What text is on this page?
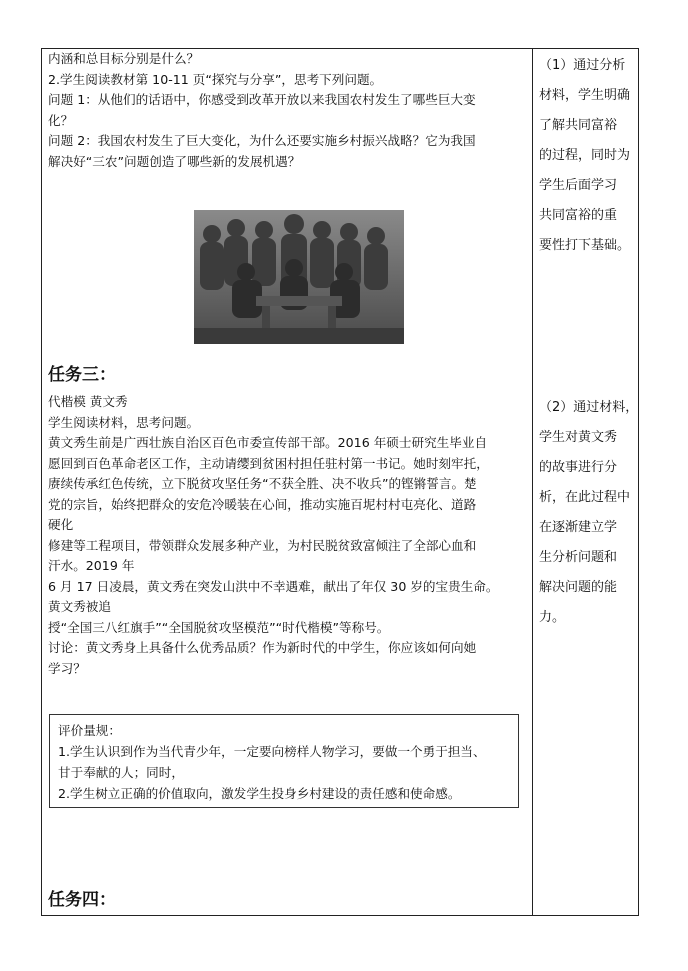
内涵和总目标分别是什么？
2.学生阅读教材第 10-11 页“探究与分享”，思考下列问题。
问题 1：从他们的话语中，你感受到改革开放以来我国农村发生了哪些巨大变
化？
问题 2：我国农村发生了巨大变化，为什么还要实施乡村振兴战略？它为我国
解决好“三农”问题创造了哪些新的发展机遇？
任务三：
代楷模 黄文秀
学生阅读材料，思考问题。
黄文秀生前是广西壮族自治区百色市委宣传部干部。2016 年硕士研究生毕业自
愿回到百色革命老区工作，主动请缨到贫困村担任驻村第一书记。她时刻牢托，
赓续传承红色传统，立下脱贫攻坚任务“不获全胜、决不收兵”的铿锵誓言。楚
党的宗旨，始终把群众的安危冷暖装在心间，推动实施百坭村村屯亮化、道路
硬化
修建等工程项目，带领群众发展多种产业，为村民脱贫致富倾注了全部心血和
汗水。2019 年
6 月 17 日凌晨，黄文秀在突发山洪中不幸遇难，献出了年仅 30 岁的宝贵生命。
黄文秀被追
授“全国三八红旗手”“全国脱贫攻坚模范”“时代楷模”等称号。
讨论：黄文秀身上具备什么优秀品质？作为新时代的中学生，你应该如何向她
学习？
评价量规：
1.学生认识到作为当代青少年，一定要向榜样人物学习，要做一个勇于担当、
甘于奉献的人；同时，
2.学生树立正确的价值取向，激发学生投身乡村建设的责任感和使命感。
任务四：
（1）通过分析
材料，学生明确
了解共同富裕
的过程，同时为
学生后面学习
共同富裕的重
要性打下基础。
（2）通过材料，
学生对黄文秀
的故事进行分
析，在此过程中
在逐渐建立学
生分析问题和
解决问题的能
力。
